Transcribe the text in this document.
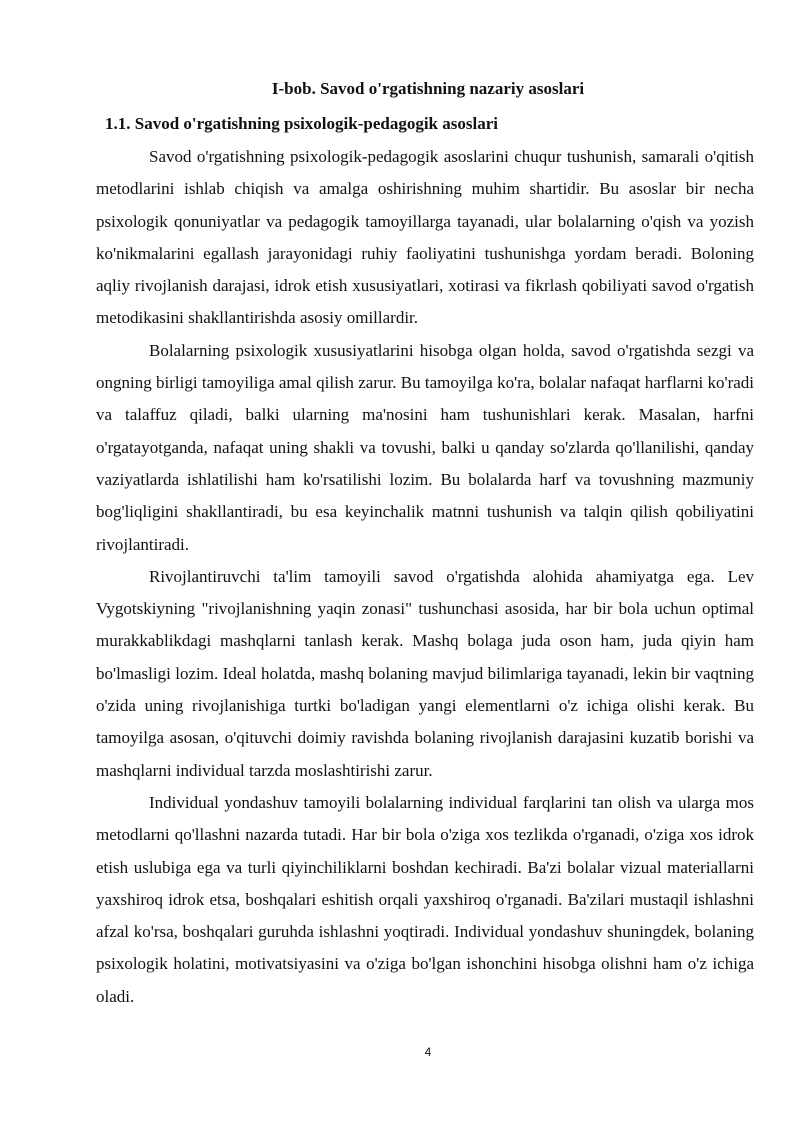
I-bob. Savod o'rgatishning nazariy asoslari
1.1. Savod o'rgatishning psixologik-pedagogik asoslari

Savod o'rgatishning psixologik-pedagogik asoslarini chuqur tushunish, samarali o'qitish metodlarini ishlab chiqish va amalga oshirishning muhim shartidir. Bu asoslar bir necha psixologik qonuniyatlar va pedagogik tamoyillarga tayanadi, ular bolalarning o'qish va yozish ko'nikmalarini egallash jarayonidagi ruhiy faoliyatini tushunishga yordam beradi. Boloning aqliy rivojlanish darajasi, idrok etish xususiyatlari, xotirasi va fikrlash qobiliyati savod o'rgatish metodikasini shakllantirishda asosiy omillardir.

Bolalarning psixologik xususiyatlarini hisobga olgan holda, savod o'rgatishda sezgi va ongning birligi tamoyiliga amal qilish zarur. Bu tamoyilga ko'ra, bolalar nafaqat harflarni ko'radi va talaffuz qiladi, balki ularning ma'nosini ham tushunishlari kerak. Masalan, harfni o'rgatayotganda, nafaqat uning shakli va tovushi, balki u qanday so'zlarda qo'llanilishi, qanday vaziyatlarda ishlatilishi ham ko'rsatilishi lozim. Bu bolalarda harf va tovushning mazmuniy bog'liqligini shakllantiradi, bu esa keyinchalik matnni tushunish va talqin qilish qobiliyatini rivojlantiradi.

Rivojlantiruvchi ta'lim tamoyili savod o'rgatishda alohida ahamiyatga ega. Lev Vygotskiyning "rivojlanishning yaqin zonasi" tushunchasi asosida, har bir bola uchun optimal murakkablikdagi mashqlarni tanlash kerak. Mashq bolaga juda oson ham, juda qiyin ham bo'lmasligi lozim. Ideal holatda, mashq bolaning mavjud bilimlariga tayanadi, lekin bir vaqtning o'zida uning rivojlanishiga turtki bo'ladigan yangi elementlarni o'z ichiga olishi kerak. Bu tamoyilga asosan, o'qituvchi doimiy ravishda bolaning rivojlanish darajasini kuzatib borishi va mashqlarni individual tarzda moslashtirishi zarur.

Individual yondashuv tamoyili bolalarning individual farqlarini tan olish va ularga mos metodlarni qo'llashni nazarda tutadi. Har bir bola o'ziga xos tezlikda o'rganadi, o'ziga xos idrok etish uslubiga ega va turli qiyinchiliklarni boshdan kechiradi. Ba'zi bolalar vizual materiallarni yaxshiroq idrok etsa, boshqalari eshitish orqali yaxshiroq o'rganadi. Ba'zilari mustaqil ishlashni afzal ko'rsa, boshqalari guruhda ishlashni yoqtiradi. Individual yondashuv shuningdek, bolaning psixologik holatini, motivatsiyasini va o'ziga bo'lgan ishonchini hisobga olishni ham o'z ichiga oladi.

4
